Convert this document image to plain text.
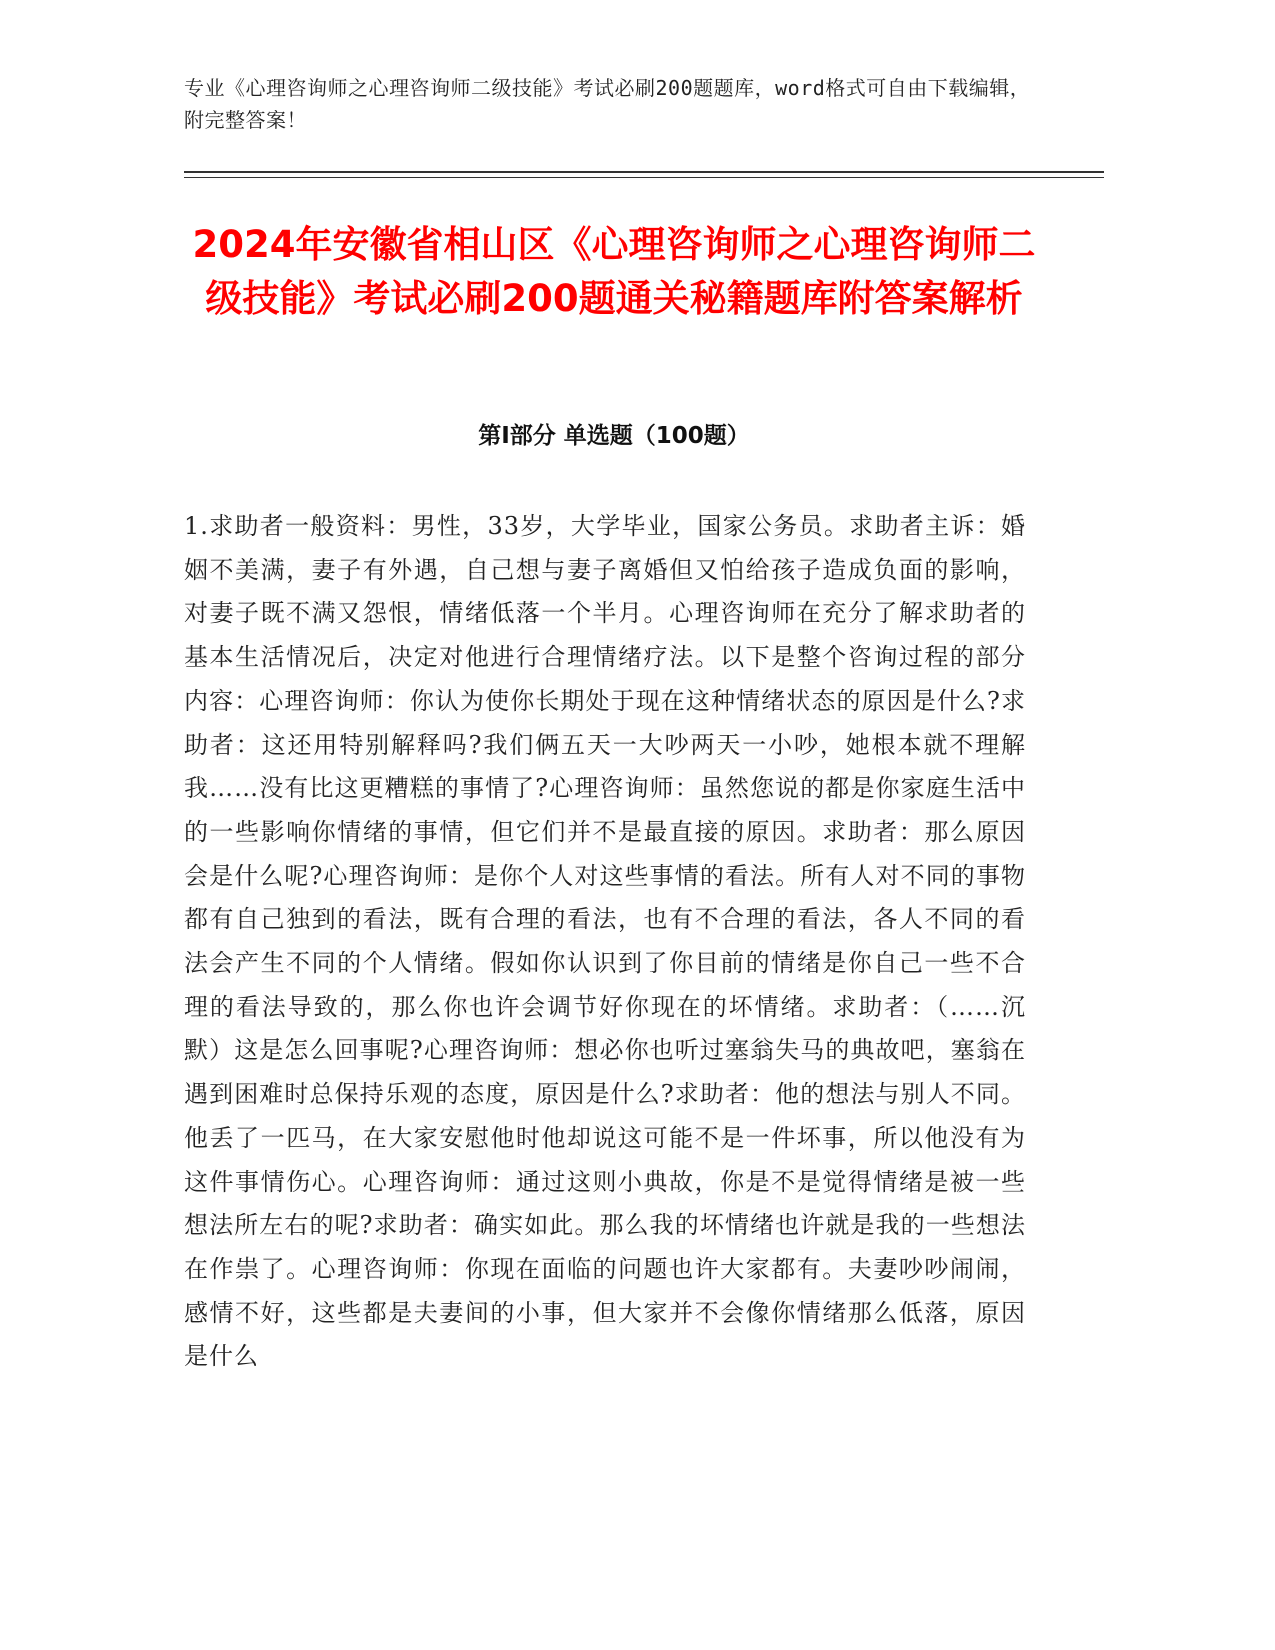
专业《心理咨询师之心理咨询师二级技能》考试必刷200题题库，word格式可自由下载编辑，附完整答案！
2024年安徽省相山区《心理咨询师之心理咨询师二级技能》考试必刷200题通关秘籍题库附答案解析
第Ⅰ部分 单选题（100题）

1.求助者一般资料：男性，33岁，大学毕业，国家公务员。求助者主诉：婚姻不美满，妻子有外遇，自己想与妻子离婚但又怕给孩子造成负面的影响，对妻子既不满又怨恨，情绪低落一个半月。心理咨询师在充分了解求助者的基本生活情况后，决定对他进行合理情绪疗法。以下是整个咨询过程的部分内容：心理咨询师：你认为使你长期处于现在这种情绪状态的原因是什么?求助者：这还用特别解释吗?我们俩五天一大吵两天一小吵，她根本就不理解我……没有比这更糟糕的事情了?心理咨询师：虽然您说的都是你家庭生活中的一些影响你情绪的事情，但它们并不是最直接的原因。求助者：那么原因会是什么呢?心理咨询师：是你个人对这些事情的看法。所有人对不同的事物都有自己独到的看法，既有合理的看法，也有不合理的看法，各人不同的看法会产生不同的个人情绪。假如你认识到了你目前的情绪是你自己一些不合理的看法导致的，那么你也许会调节好你现在的坏情绪。求助者：（……沉默）这是怎么回事呢?心理咨询师：想必你也听过塞翁失马的典故吧，塞翁在遇到困难时总保持乐观的态度，原因是什么?求助者：他的想法与别人不同。他丢了一匹马，在大家安慰他时他却说这可能不是一件坏事，所以他没有为这件事情伤心。心理咨询师：通过这则小典故，你是不是觉得情绪是被一些想法所左右的呢?求助者：确实如此。那么我的坏情绪也许就是我的一些想法在作祟了。心理咨询师：你现在面临的问题也许大家都有。夫妻吵吵闹闹，感情不好，这些都是夫妻间的小事，但大家并不会像你情绪那么低落，原因是什么
